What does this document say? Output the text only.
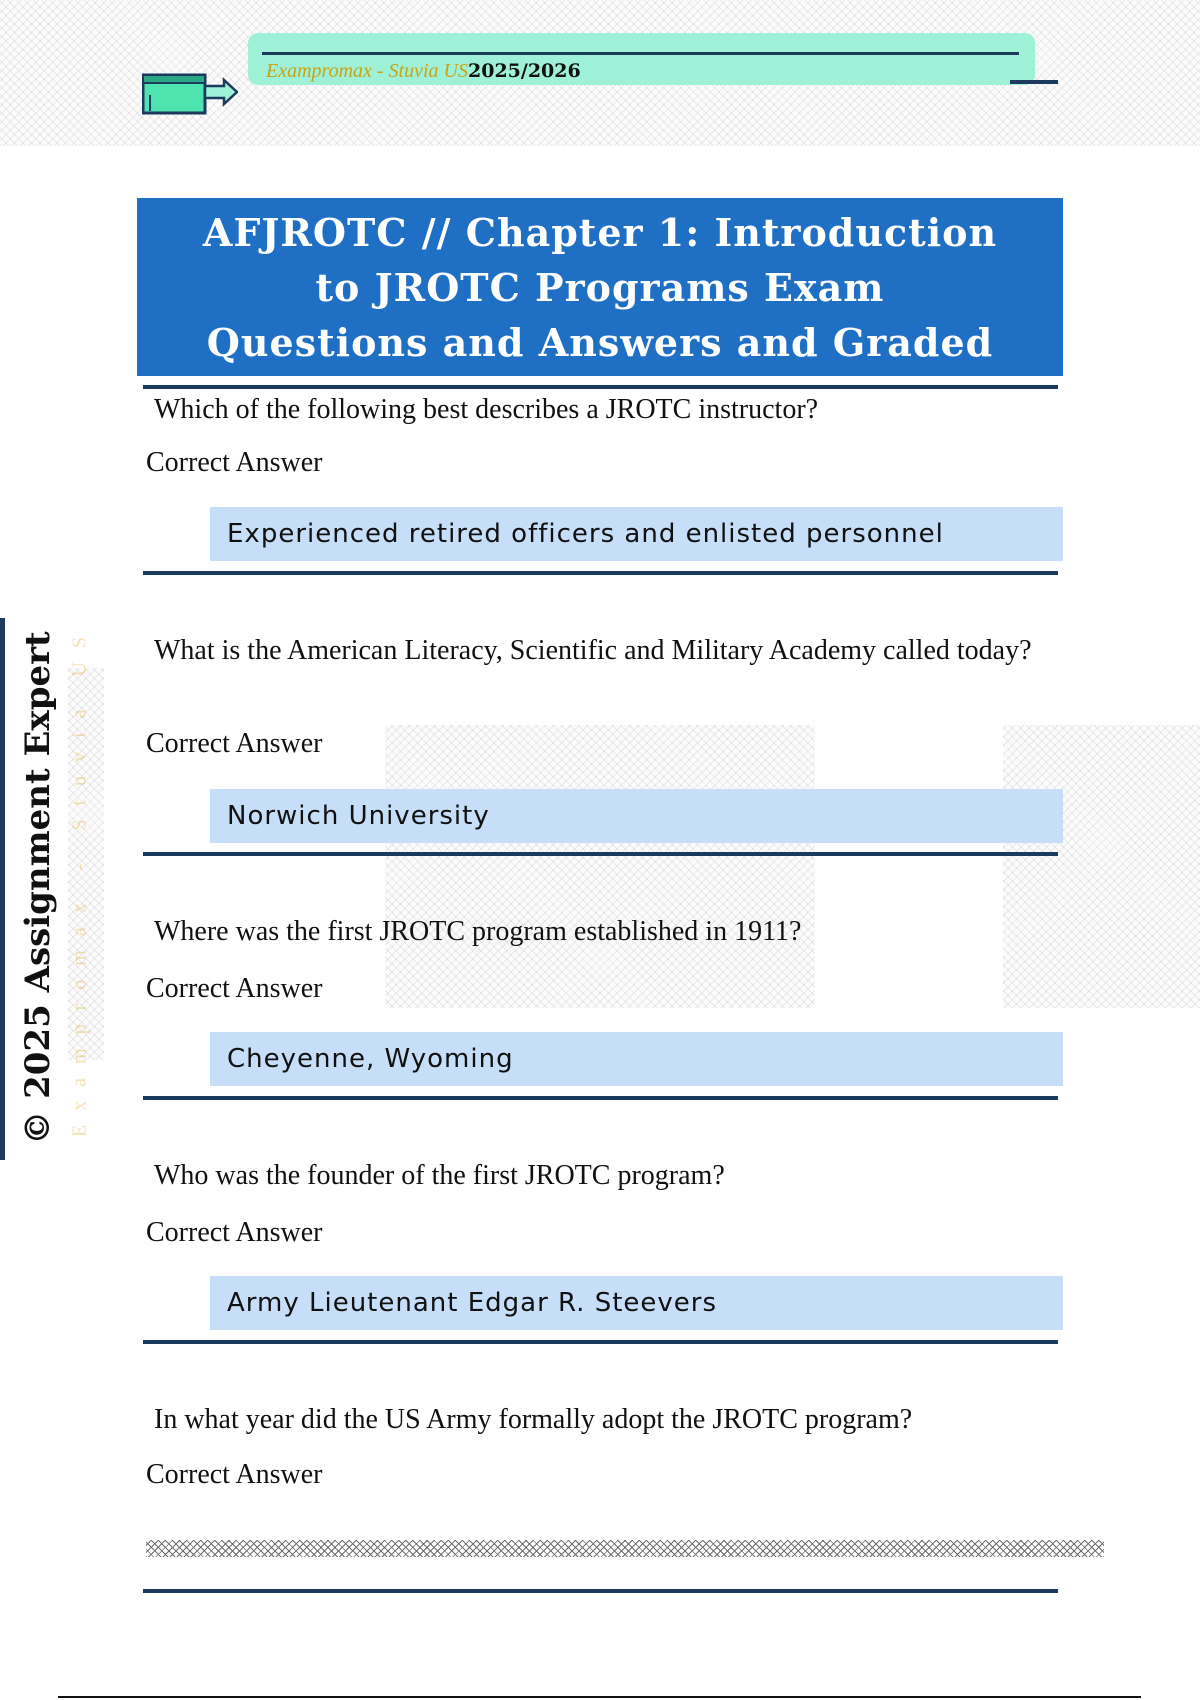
Exampromax - Stuvia US2025/2026
Exampromax - Stuvia US
© 2025 Assignment Expert
AFJROTC // Chapter 1: Introduction to JROTC Programs Exam Questions and Answers and Graded
Which of the following best describes a JROTC instructor?
Correct Answer
Experienced retired officers and enlisted personnel
What is the American Literacy, Scientific and Military Academy called today?
Correct Answer
Norwich University
Where was the first JROTC program established in 1911?
Correct Answer
Cheyenne, Wyoming
Who was the founder of the first JROTC program?
Correct Answer
Army Lieutenant Edgar R. Steevers
In what year did the US Army formally adopt the JROTC program?
Correct Answer
